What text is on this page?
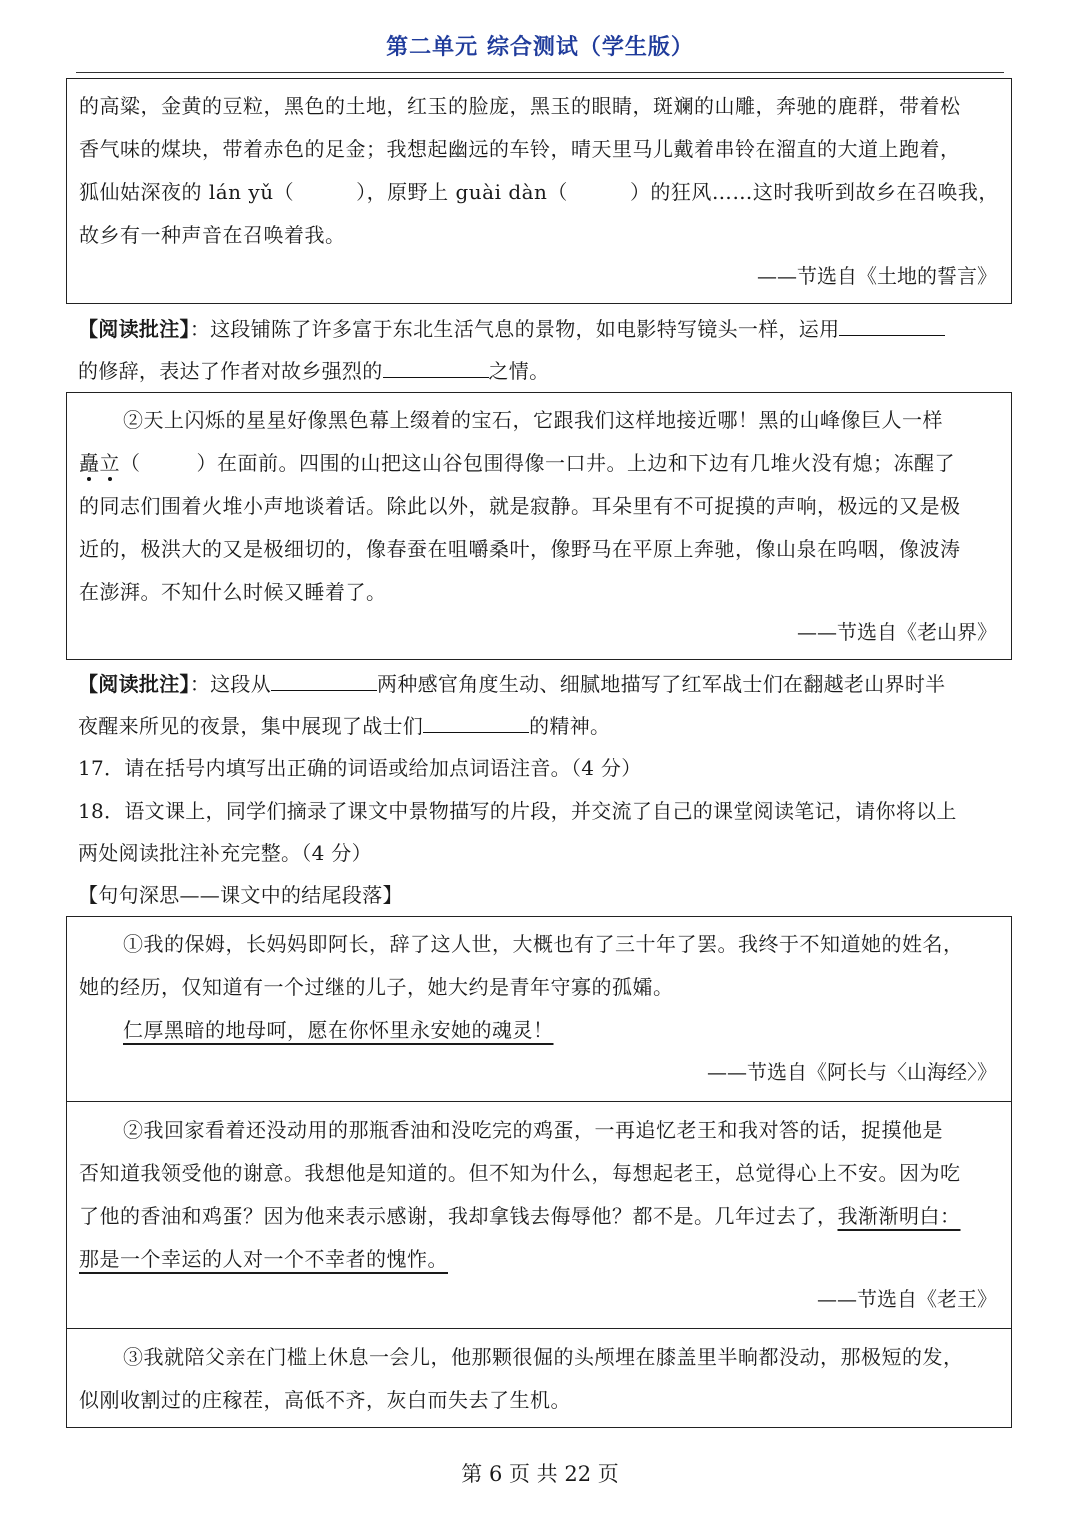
第二单元 综合测试（学生版）

的高粱，金黄的豆粒，黑色的土地，红玉的脸庞，黑玉的眼睛，斑斓的山雕，奔驰的鹿群，带着松

香气味的煤块，带着赤色的足金；我想起幽远的车铃，晴天里马儿戴着串铃在溜直的大道上跑着，

狐仙姑深夜的 lán yǔ（	），原野上 guài dàn（	）的狂风……这时我听到故乡在召唤我，

故乡有一种声音在召唤着我。

——节选自《土地的誓言》

【阅读批注】：这段铺陈了许多富于东北生活气息的景物，如电影特写镜头一样，运用

的修辞，表达了作者对故乡强烈的	之情。

②天上闪烁的星星好像黑色幕上缀着的宝石，它跟我们这样地接近哪！黑的山峰像巨人一样

矗立（	）在面前。四围的山把这山谷包围得像一口井。上边和下边有几堆火没有熄；冻醒了

的同志们围着火堆小声地谈着话。除此以外，就是寂静。耳朵里有不可捉摸的声响，极远的又是极

近的，极洪大的又是极细切的，像春蚕在咀嚼桑叶，像野马在平原上奔驰，像山泉在呜咽，像波涛

在澎湃。不知什么时候又睡着了。

——节选自《老山界》

【阅读批注】：这段从	两种感官角度生动、细腻地描写了红军战士们在翻越老山界时半

夜醒来所见的夜景，集中展现了战士们	的精神。

17．请在括号内填写出正确的词语或给加点词语注音。（4 分）

18．语文课上，同学们摘录了课文中景物描写的片段，并交流了自己的课堂阅读笔记，请你将以上

两处阅读批注补充完整。（4 分）

【句句深思——课文中的结尾段落】

①我的保姆，长妈妈即阿长，辞了这人世，大概也有了三十年了罢。我终于不知道她的姓名，

她的经历，仅知道有一个过继的儿子，她大约是青年守寡的孤孀。

仁厚黑暗的地母呵，愿在你怀里永安她的魂灵！

——节选自《阿长与〈山海经〉》

②我回家看着还没动用的那瓶香油和没吃完的鸡蛋，一再追忆老王和我对答的话，捉摸他是

否知道我领受他的谢意。我想他是知道的。但不知为什么，每想起老王，总觉得心上不安。因为吃

了他的香油和鸡蛋？因为他来表示感谢，我却拿钱去侮辱他？都不是。几年过去了，我渐渐明白：

那是一个幸运的人对一个不幸者的愧怍。

——节选自《老王》

③我就陪父亲在门槛上休息一会儿，他那颗很倔的头颅埋在膝盖里半晌都没动，那极短的发，

似刚收割过的庄稼茬，高低不齐，灰白而失去了生机。

第 6 页 共 22 页
